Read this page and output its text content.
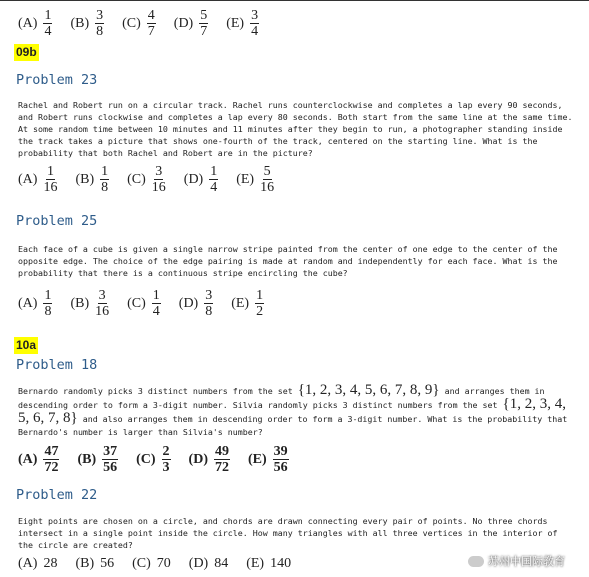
$(A) \frac{1}{4} (B) \frac{3}{8} (C) \frac{4}{7} (D) \frac{5}{7} (E) \frac{3}{4}$
09b
Problem 23
Rachel and Robert run on a circular track. Rachel runs counterclockwise and completes a lap every 90 seconds, and Robert runs clockwise and completes a lap every 80 seconds. Both start from the same line at the same time. At some random time between 10 minutes and 11 minutes after they begin to run, a photographer standing inside the track takes a picture that shows one-fourth of the track, centered on the starting line. What is the probability that both Rachel and Robert are in the picture?
$(A) \frac{1}{16} (B) \frac{1}{8} (C) \frac{3}{16} (D) \frac{1}{4} (E) \frac{5}{16}$
Problem 25
Each face of a cube is given a single narrow stripe painted from the center of one edge to the center of the opposite edge. The choice of the edge pairing is made at random and independently for each face. What is the probability that there is a continuous stripe encircling the cube?
$(A) \frac{1}{8} (B) \frac{3}{16} (C) \frac{1}{4} (D) \frac{3}{8} (E) \frac{1}{2}$
10a
Problem 18
Bernardo randomly picks 3 distinct numbers from the set {1, 2, 3, 4, 5, 6, 7, 8, 9} and arranges them in descending order to form a 3-digit number. Silvia randomly picks 3 distinct numbers from the set {1, 2, 3, 4, 5, 6, 7, 8} and also arranges them in descending order to form a 3-digit number. What is the probability that Bernardo's number is larger than Silvia's number?
$(A) \frac{47}{72} (B) \frac{37}{56} (C) \frac{2}{3} (D) \frac{49}{72} (E) \frac{39}{56}$
Problem 22
Eight points are chosen on a circle, and chords are drawn connecting every pair of points. No three chords intersect in a single point inside the circle. How many triangles with all three vertices in the interior of the circle are created?
(A) 28 (B) 56 (C) 70 (D) 84 (E) 140	苏州中国际教育
